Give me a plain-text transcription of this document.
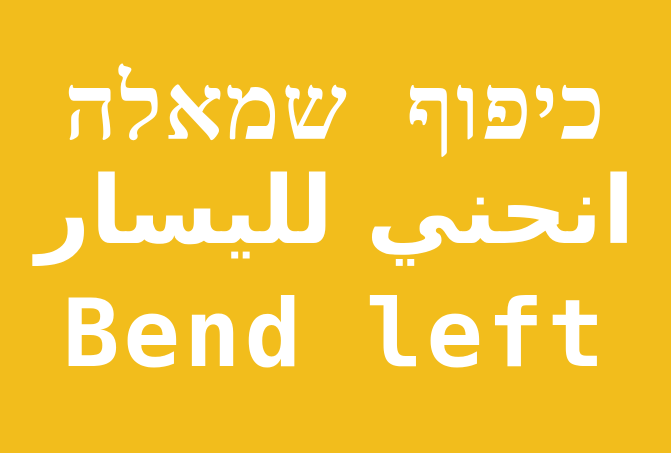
כיפוף שמאלה
انحني لليسار
Bend left
